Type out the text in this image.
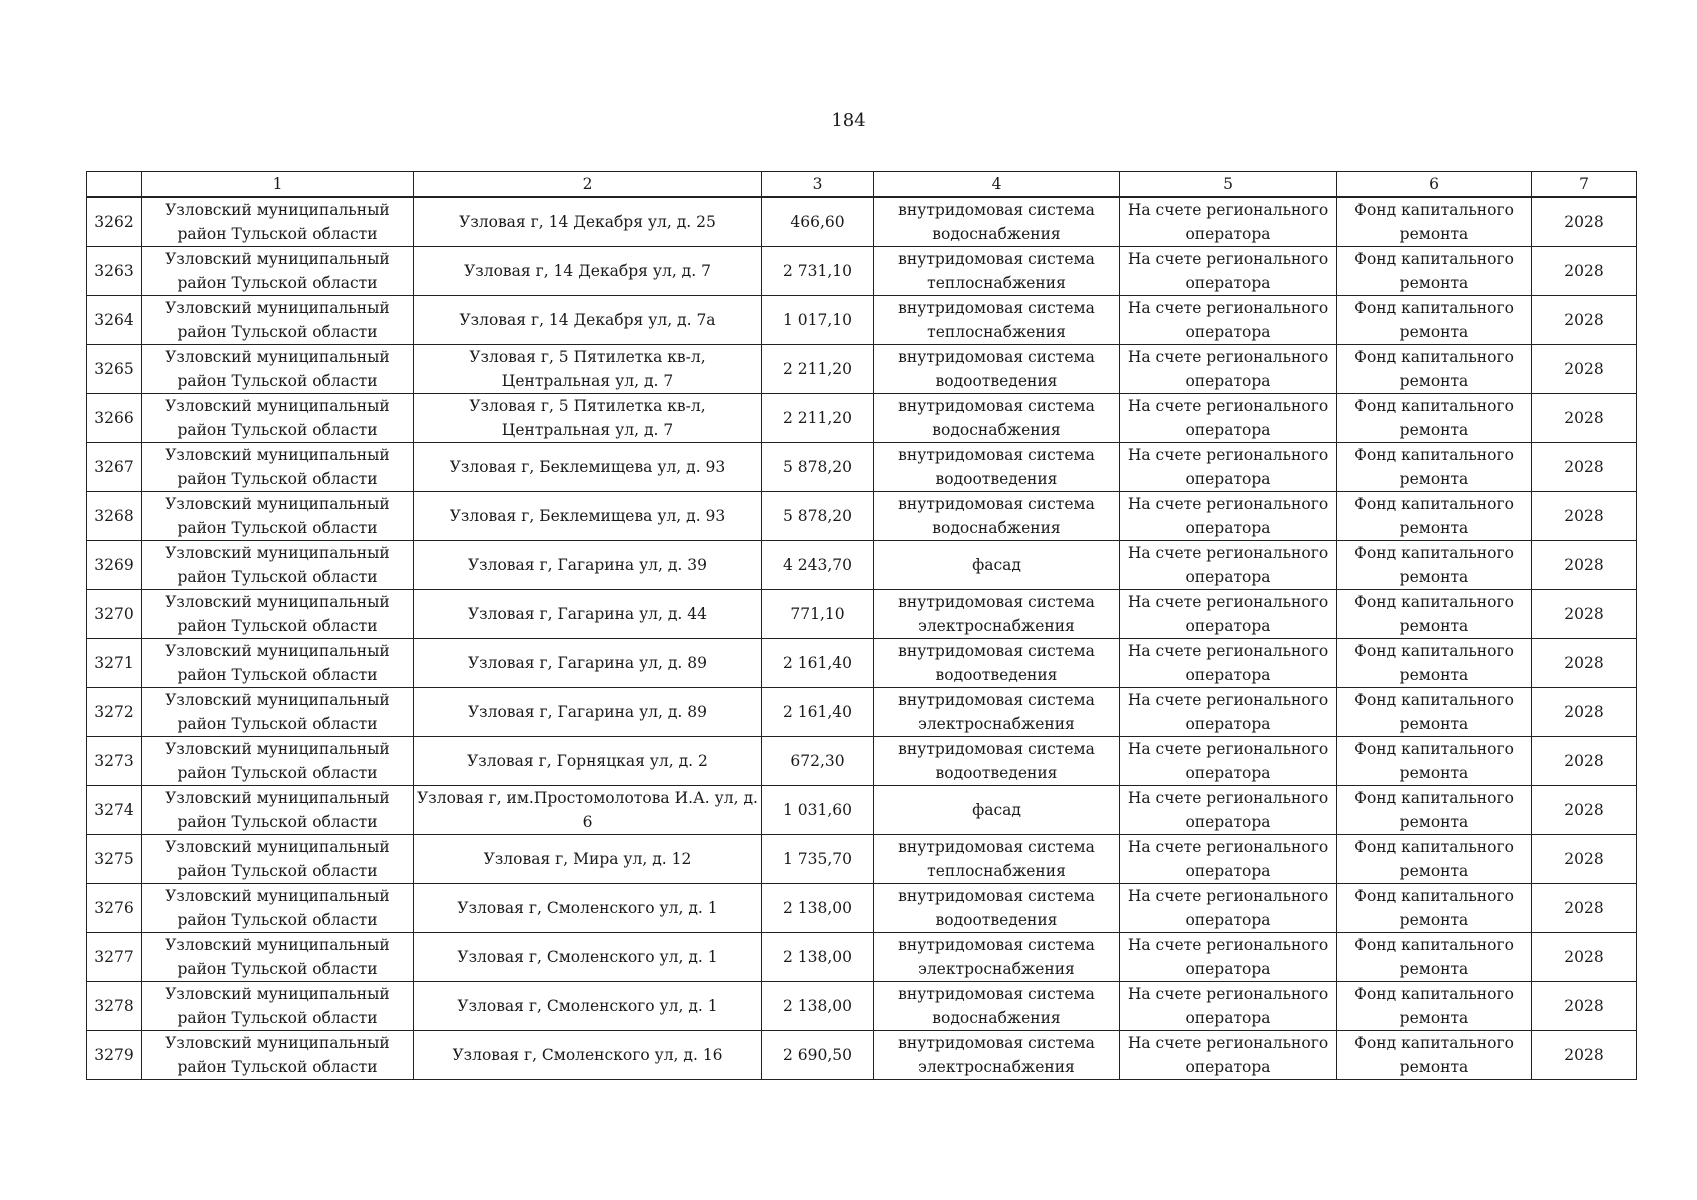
184
	1	2	3	4	5	6	7
3262	Узловский муниципальный район Тульской области	Узловая г, 14 Декабря ул, д. 25	466,60	внутридомовая система водоснабжения	На счете регионального оператора	Фонд капитального ремонта	2028
3263	Узловский муниципальный район Тульской области	Узловая г, 14 Декабря ул, д. 7	2 731,10	внутридомовая система теплоснабжения	На счете регионального оператора	Фонд капитального ремонта	2028
3264	Узловский муниципальный район Тульской области	Узловая г, 14 Декабря ул, д. 7а	1 017,10	внутридомовая система теплоснабжения	На счете регионального оператора	Фонд капитального ремонта	2028
3265	Узловский муниципальный район Тульской области	Узловая г, 5 Пятилетка кв-л, Центральная ул, д. 7	2 211,20	внутридомовая система водоотведения	На счете регионального оператора	Фонд капитального ремонта	2028
3266	Узловский муниципальный район Тульской области	Узловая г, 5 Пятилетка кв-л, Центральная ул, д. 7	2 211,20	внутридомовая система водоснабжения	На счете регионального оператора	Фонд капитального ремонта	2028
3267	Узловский муниципальный район Тульской области	Узловая г, Беклемищева ул, д. 93	5 878,20	внутридомовая система водоотведения	На счете регионального оператора	Фонд капитального ремонта	2028
3268	Узловский муниципальный район Тульской области	Узловая г, Беклемищева ул, д. 93	5 878,20	внутридомовая система водоснабжения	На счете регионального оператора	Фонд капитального ремонта	2028
3269	Узловский муниципальный район Тульской области	Узловая г, Гагарина ул, д. 39	4 243,70	фасад	На счете регионального оператора	Фонд капитального ремонта	2028
3270	Узловский муниципальный район Тульской области	Узловая г, Гагарина ул, д. 44	771,10	внутридомовая система электроснабжения	На счете регионального оператора	Фонд капитального ремонта	2028
3271	Узловский муниципальный район Тульской области	Узловая г, Гагарина ул, д. 89	2 161,40	внутридомовая система водоотведения	На счете регионального оператора	Фонд капитального ремонта	2028
3272	Узловский муниципальный район Тульской области	Узловая г, Гагарина ул, д. 89	2 161,40	внутридомовая система электроснабжения	На счете регионального оператора	Фонд капитального ремонта	2028
3273	Узловский муниципальный район Тульской области	Узловая г, Горняцкая ул, д. 2	672,30	внутридомовая система водоотведения	На счете регионального оператора	Фонд капитального ремонта	2028
3274	Узловский муниципальный район Тульской области	Узловая г, им.Простомолотова И.А. ул, д. 6	1 031,60	фасад	На счете регионального оператора	Фонд капитального ремонта	2028
3275	Узловский муниципальный район Тульской области	Узловая г, Мира ул, д. 12	1 735,70	внутридомовая система теплоснабжения	На счете регионального оператора	Фонд капитального ремонта	2028
3276	Узловский муниципальный район Тульской области	Узловая г, Смоленского ул, д. 1	2 138,00	внутридомовая система водоотведения	На счете регионального оператора	Фонд капитального ремонта	2028
3277	Узловский муниципальный район Тульской области	Узловая г, Смоленского ул, д. 1	2 138,00	внутридомовая система электроснабжения	На счете регионального оператора	Фонд капитального ремонта	2028
3278	Узловский муниципальный район Тульской области	Узловая г, Смоленского ул, д. 1	2 138,00	внутридомовая система водоснабжения	На счете регионального оператора	Фонд капитального ремонта	2028
3279	Узловский муниципальный район Тульской области	Узловая г, Смоленского ул, д. 16	2 690,50	внутридомовая система электроснабжения	На счете регионального оператора	Фонд капитального ремонта	2028
